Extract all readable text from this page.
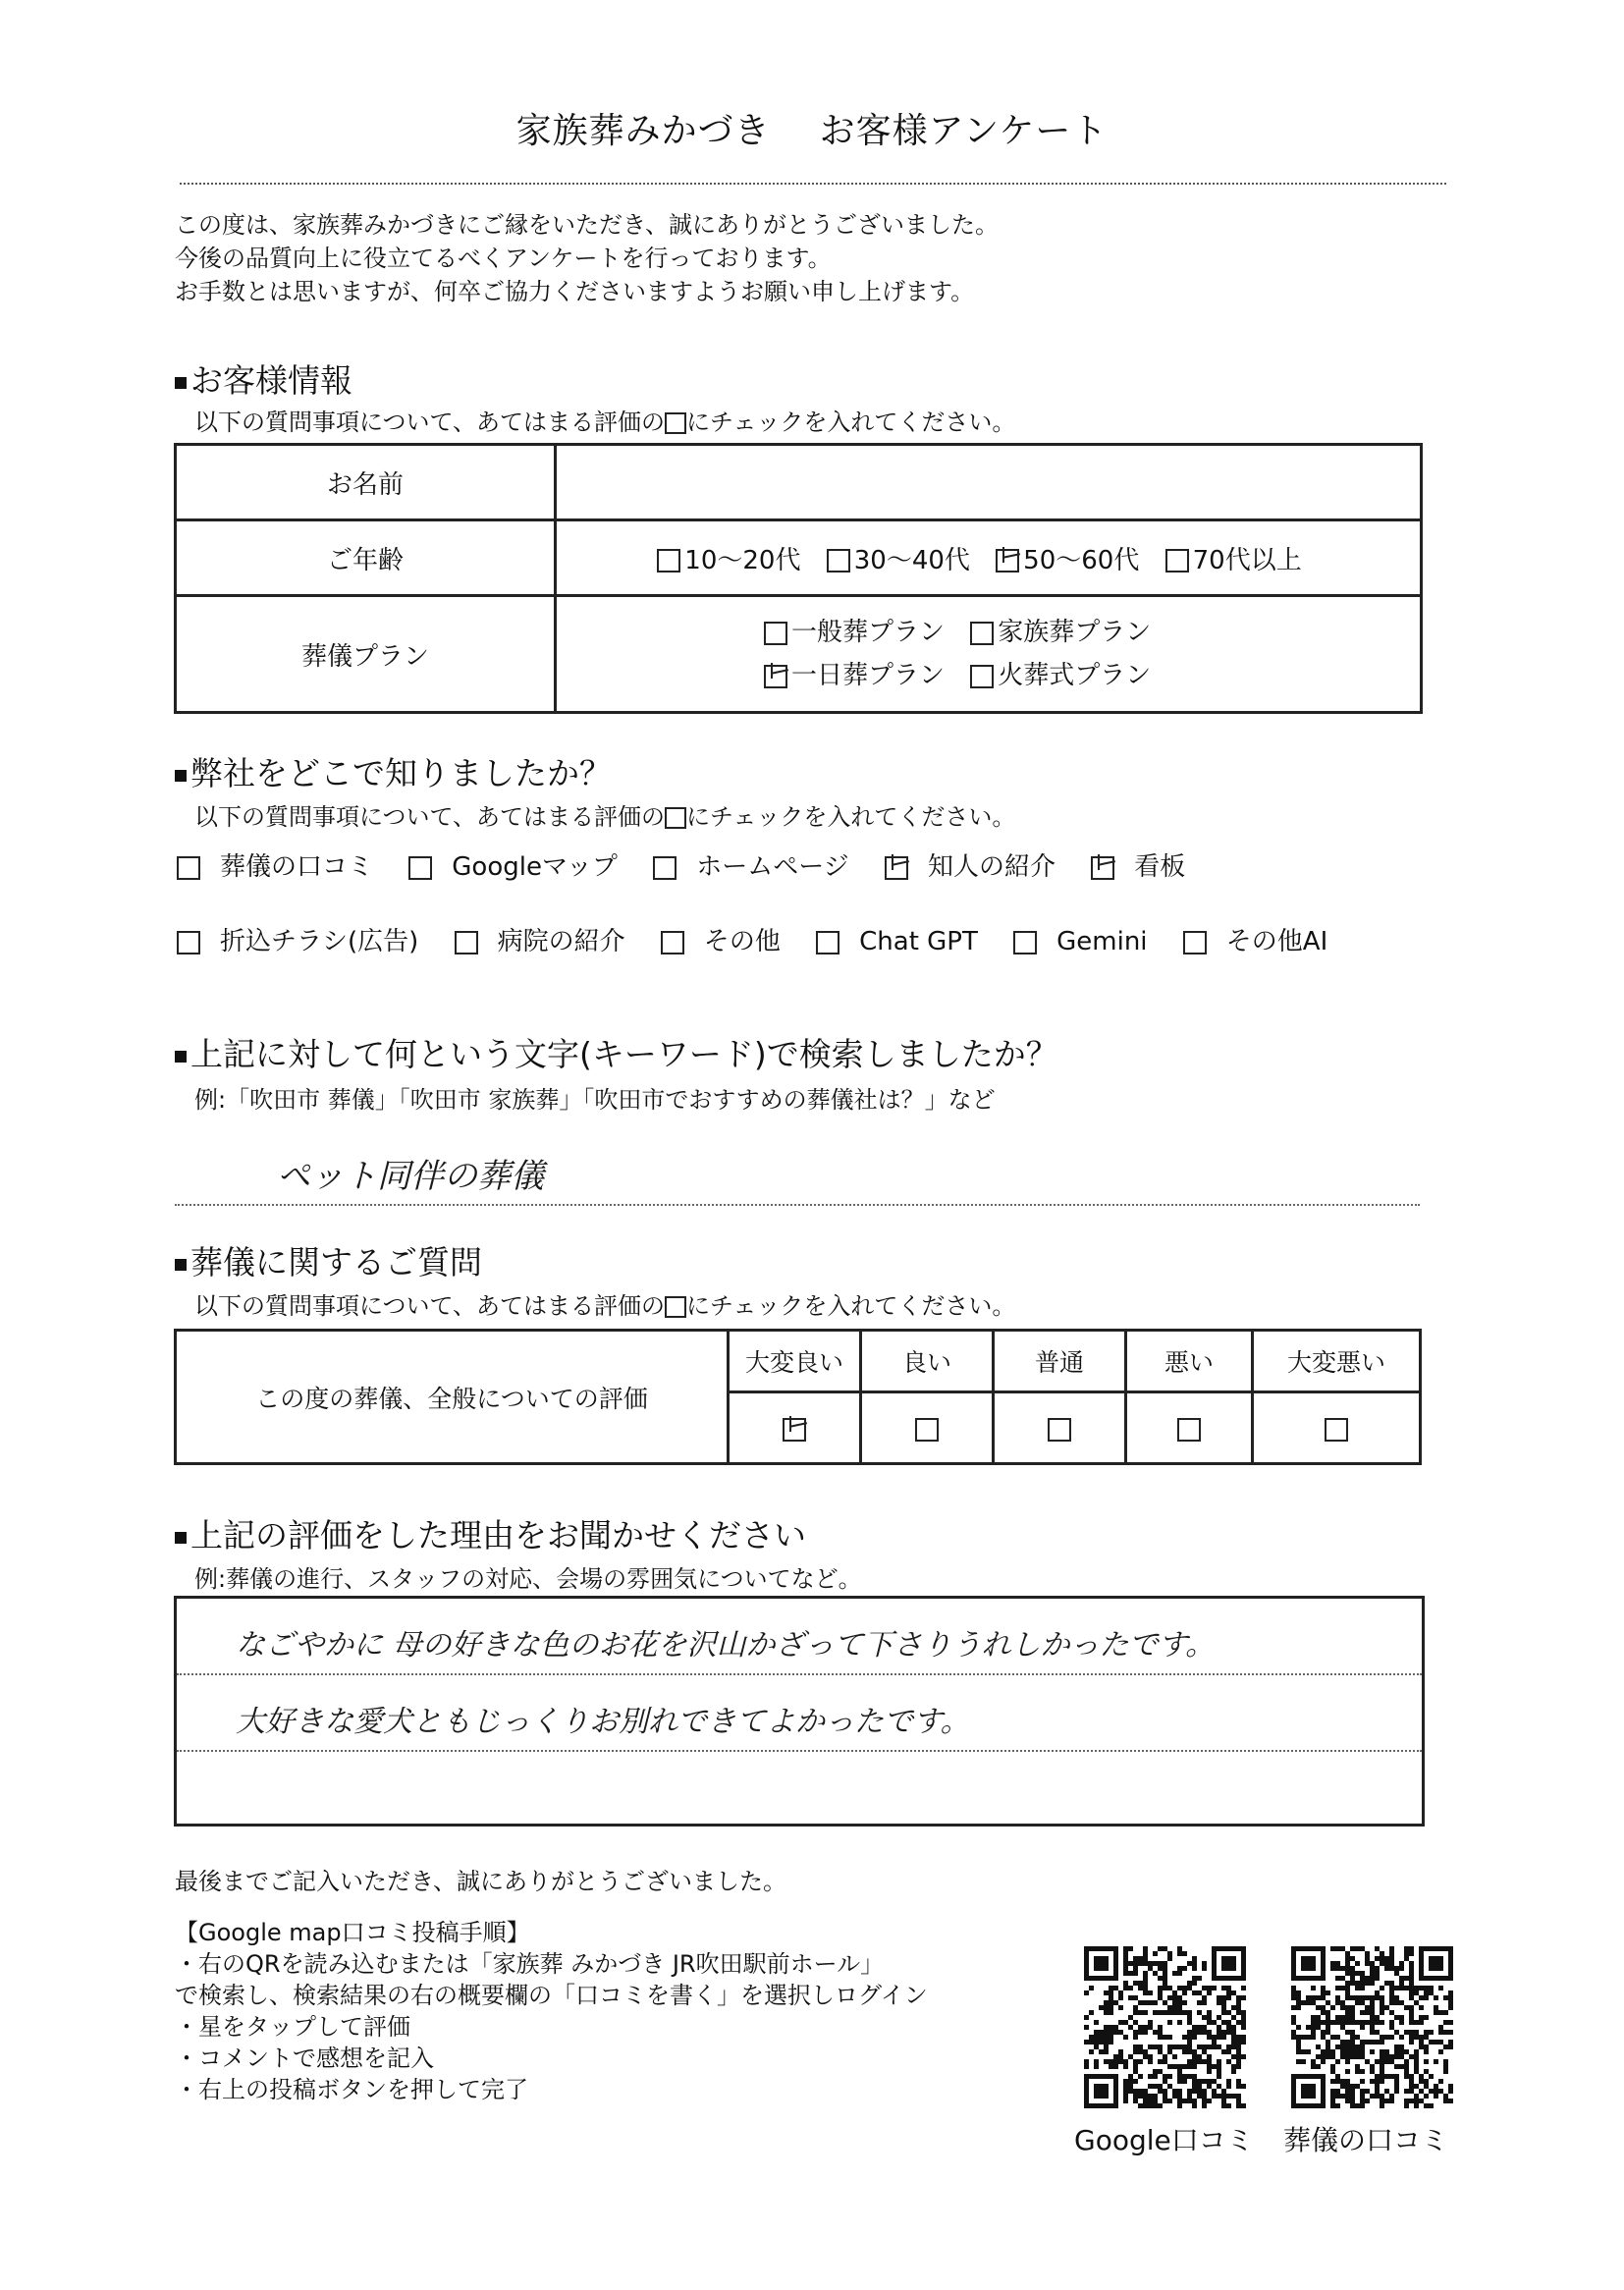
家族葬みかづき お客様アンケート
この度は、家族葬みかづきにご縁をいただき、誠にありがとうございました。
今後の品質向上に役立てるべくアンケートを行っております。
お手数とは思いますが、何卒ご協力くださいますようお願い申し上げます。
お客様情報
以下の質問事項について、あてはまる評価の にチェックを入れてください。
お名前	
ご年齢	10～20代 30～40代 50～60代 70代以上
葬儀プラン	一般葬プラン 家族葬プラン
一日葬プラン 火葬式プラン
弊社をどこで知りましたか？
以下の質問事項について、あてはまる評価の にチェックを入れてください。
葬儀の口コミ	Googleマップ	ホームページ	知人の紹介	看板
折込チラシ(広告)	病院の紹介	その他	Chat GPT	Gemini	その他AI
上記に対して何という文字(キーワード)で検索しましたか？
例:「吹田市 葬儀」「吹田市 家族葬」「吹田市でおすすめの葬儀社は？」など
ペット同伴の葬儀
葬儀に関するご質問
以下の質問事項について、あてはまる評価の にチェックを入れてください。
この度の葬儀、全般についての評価	大変良い	良い	普通	悪い	大変悪い

上記の評価をした理由をお聞かせください
例:葬儀の進行、スタッフの対応、会場の雰囲気についてなど。
なごやかに 母の好きな色のお花を沢山かざって下さりうれしかったです。
大好きな愛犬ともじっくりお別れできてよかったです。
最後までご記入いただき、誠にありがとうございました。
【Google map口コミ投稿手順】
・右のQRを読み込むまたは「家族葬 みかづき JR吹田駅前ホール」
で検索し、検索結果の右の概要欄の「口コミを書く」を選択しログイン
・星をタップして評価
・コメントで感想を記入
・右上の投稿ボタンを押して完了
Google口コミ 葬儀の口コミ
